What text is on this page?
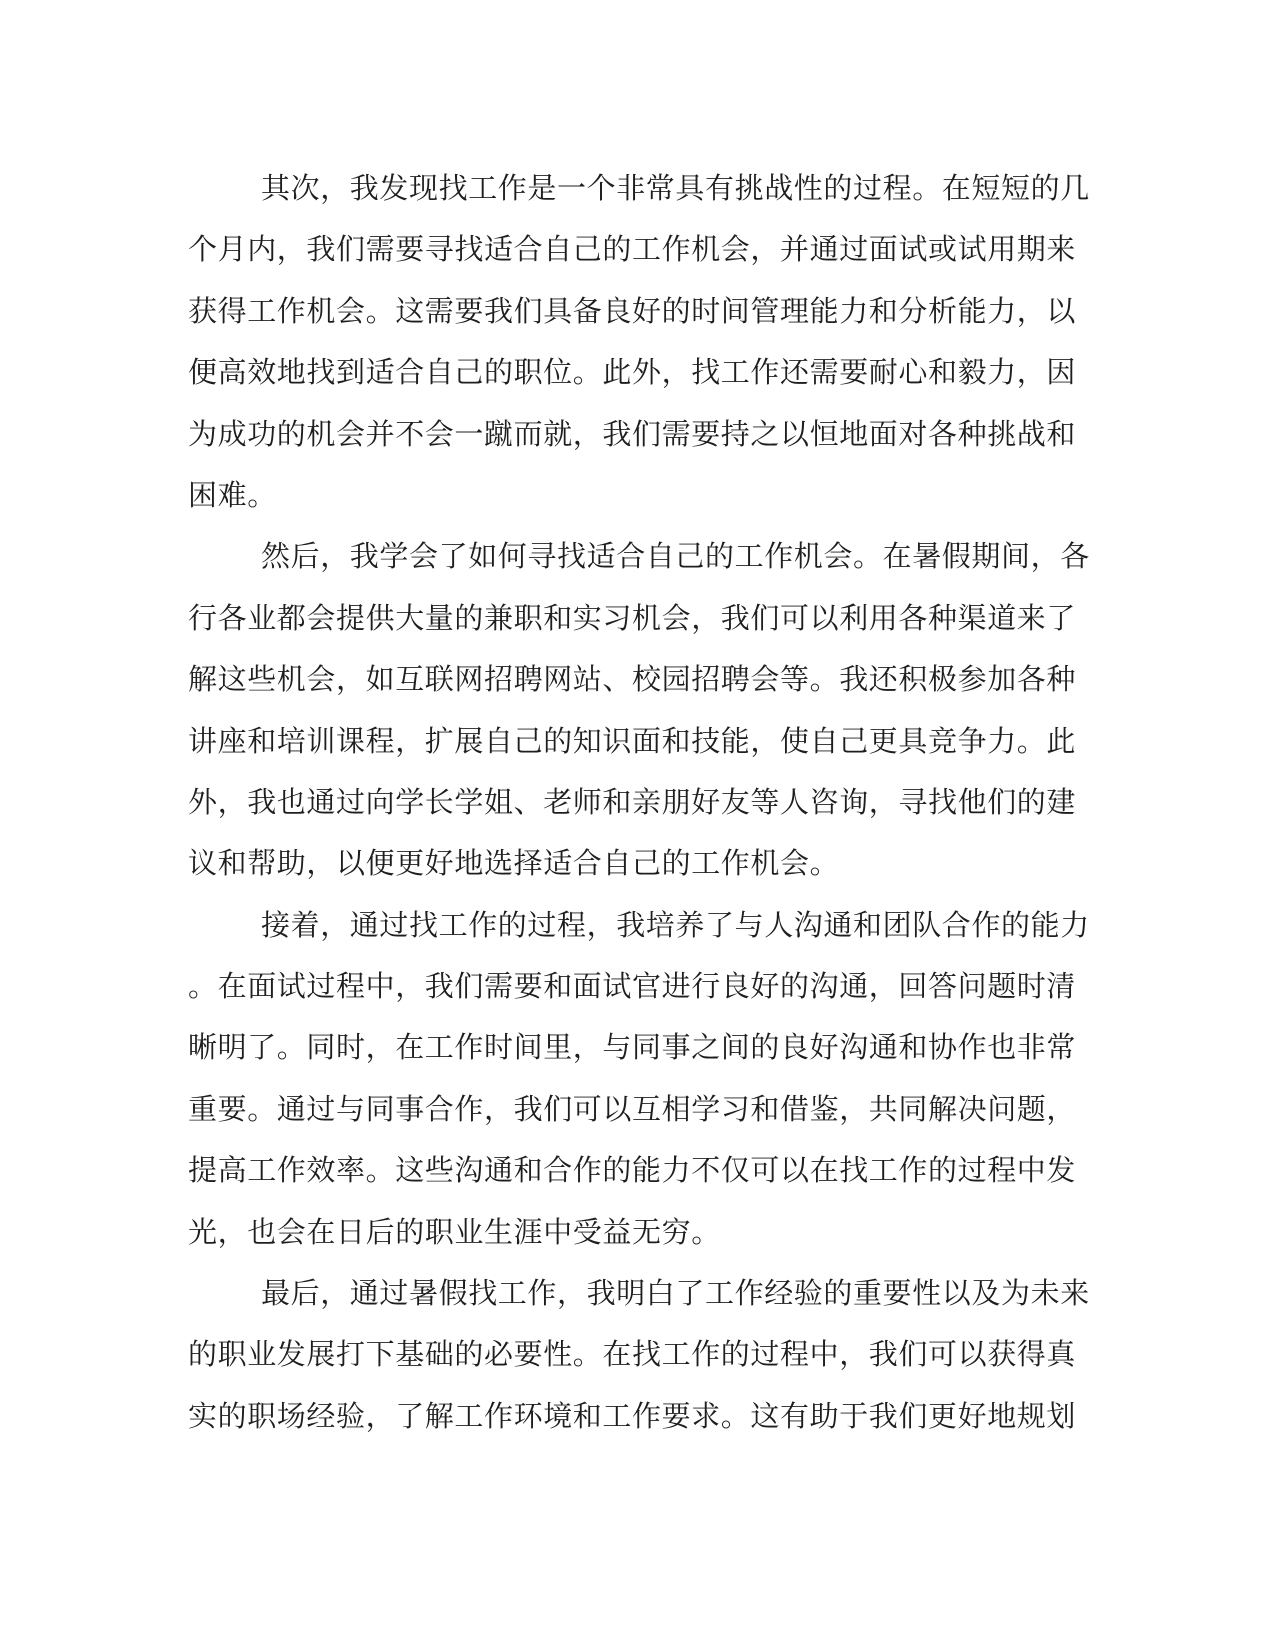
其次，我发现找工作是一个非常具有挑战性的过程。在短短的几
个月内，我们需要寻找适合自己的工作机会，并通过面试或试用期来
获得工作机会。这需要我们具备良好的时间管理能力和分析能力，以
便高效地找到适合自己的职位。此外，找工作还需要耐心和毅力，因
为成功的机会并不会一蹴而就，我们需要持之以恒地面对各种挑战和
困难。
然后，我学会了如何寻找适合自己的工作机会。在暑假期间，各
行各业都会提供大量的兼职和实习机会，我们可以利用各种渠道来了
解这些机会，如互联网招聘网站、校园招聘会等。我还积极参加各种
讲座和培训课程，扩展自己的知识面和技能，使自己更具竞争力。此
外，我也通过向学长学姐、老师和亲朋好友等人咨询，寻找他们的建
议和帮助，以便更好地选择适合自己的工作机会。
接着，通过找工作的过程，我培养了与人沟通和团队合作的能力
。在面试过程中，我们需要和面试官进行良好的沟通，回答问题时清
晰明了。同时，在工作时间里，与同事之间的良好沟通和协作也非常
重要。通过与同事合作，我们可以互相学习和借鉴，共同解决问题，
提高工作效率。这些沟通和合作的能力不仅可以在找工作的过程中发
光，也会在日后的职业生涯中受益无穷。
最后，通过暑假找工作，我明白了工作经验的重要性以及为未来
的职业发展打下基础的必要性。在找工作的过程中，我们可以获得真
实的职场经验，了解工作环境和工作要求。这有助于我们更好地规划
